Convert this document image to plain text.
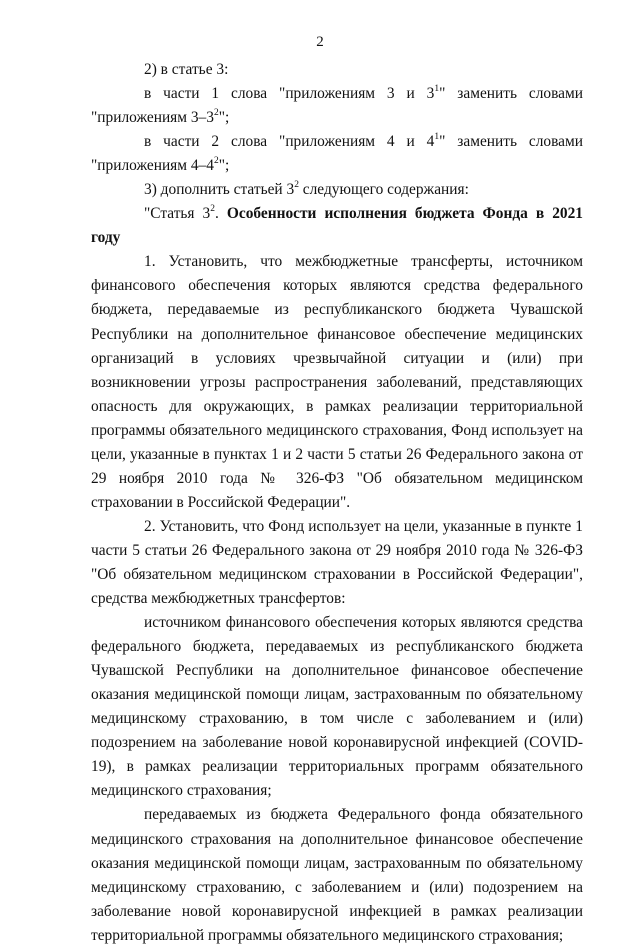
2

2) в статье 3:

в части 1 слова "приложениям 3 и $3^1$" заменить словами "приложениям $3-3^2$";

в части 2 слова "приложениям 4 и $4^1$" заменить словами "приложениям $4-4^2$";

3) дополнить статьей $3^2$ следующего содержания:

"Статья $3^2$. Особенности исполнения бюджета Фонда в 2021 году

1. Установить, что межбюджетные трансферты, источником финансового обеспечения которых являются средства федерального бюджета, передаваемые из республиканского бюджета Чувашской Республики на дополнительное финансовое обеспечение медицинских организаций в условиях чрезвычайной ситуации и (или) при возникновении угрозы распространения заболеваний, представляющих опасность для окружающих, в рамках реализации территориальной программы обязательного медицинского страхования, Фонд использует на цели, указанные в пунктах 1 и 2 части 5 статьи 26 Федерального закона от 29 ноября 2010 года № 326-ФЗ "Об обязательном медицинском страховании в Российской Федерации".

2. Установить, что Фонд использует на цели, указанные в пункте 1 части 5 статьи 26 Федерального закона от 29 ноября 2010 года № 326-ФЗ "Об обязательном медицинском страховании в Российской Федерации", средства межбюджетных трансфертов:

источником финансового обеспечения которых являются средства федерального бюджета, передаваемых из республиканского бюджета Чувашской Республики на дополнительное финансовое обеспечение оказания медицинской помощи лицам, застрахованным по обязательному медицинскому страхованию, в том числе с заболеванием и (или) подозрением на заболевание новой коронавирусной инфекцией (COVID-19), в рамках реализации территориальных программ обязательного медицинского страхования;

передаваемых из бюджета Федерального фонда обязательного медицинского страхования на дополнительное финансовое обеспечение оказания медицинской помощи лицам, застрахованным по обязательному медицинскому страхованию, с заболеванием и (или) подозрением на заболевание новой коронавирусной инфекцией в рамках реализации территориальной программы обязательного медицинского страхования;
